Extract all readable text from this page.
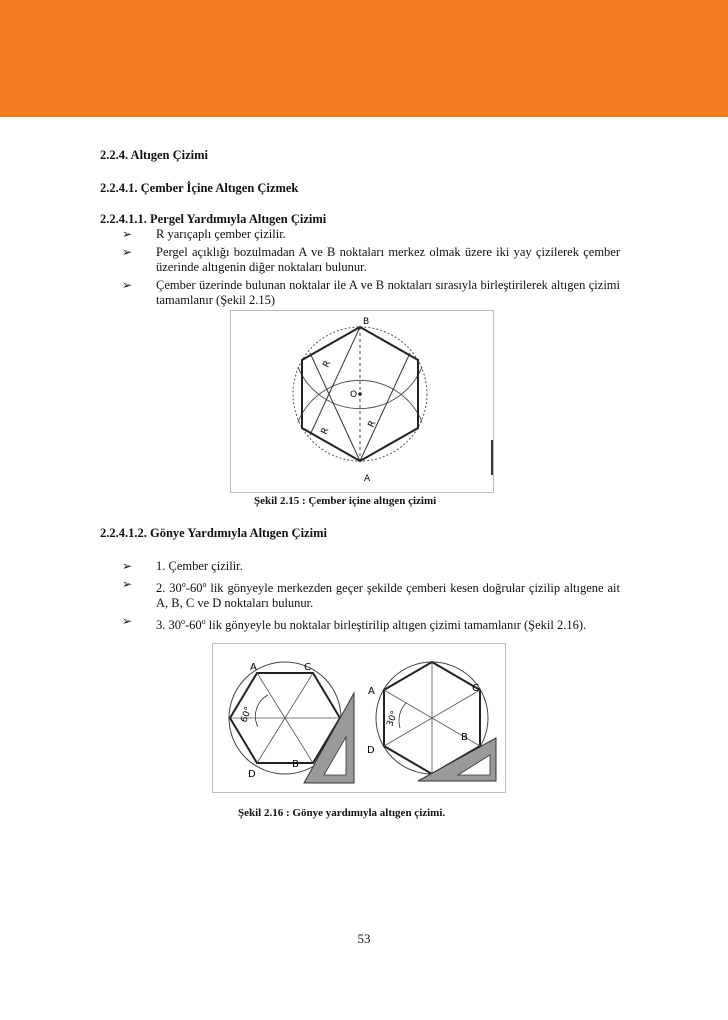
2.2.4. Altıgen Çizimi
2.2.4.1. Çember İçine Altıgen Çizmek
2.2.4.1.1. Pergel Yardımıyla Altıgen Çizimi
➢ R yarıçaplı çember çizilir.
➢ Pergel açıklığı bozulmadan A ve B noktaları merkez olmak üzere iki yay çizilerek çember üzerinde altıgenin diğer noktaları bulunur.
➢ Çember üzerinde bulunan noktalar ile A ve B noktaları sırasıyla birleştirilerek altıgen çizimi tamamlanır (Şekil 2.15)
B
A
O
R
R
R
Şekil 2.15 : Çember içine altıgen çizimi
2.2.4.1.2. Gönye Yardımıyla Altıgen Çizimi
➢ 1. Çember çizilir.
➢ 2. 30$^o$-60$^o$ lik gönyeyle merkezden geçer şekilde çemberi kesen doğrular çizilip altıgene ait A, B, C ve D noktaları bulunur.
➢ 3. 30$^o$-60$^o$ lik gönyeyle bu noktalar birleştirilip altıgen çizimi tamamlanır (Şekil 2.16).
A	C
D
B
60°
A	C
D
B
30°
Şekil 2.16 : Gönye yardımıyla altıgen çizimi.
53
